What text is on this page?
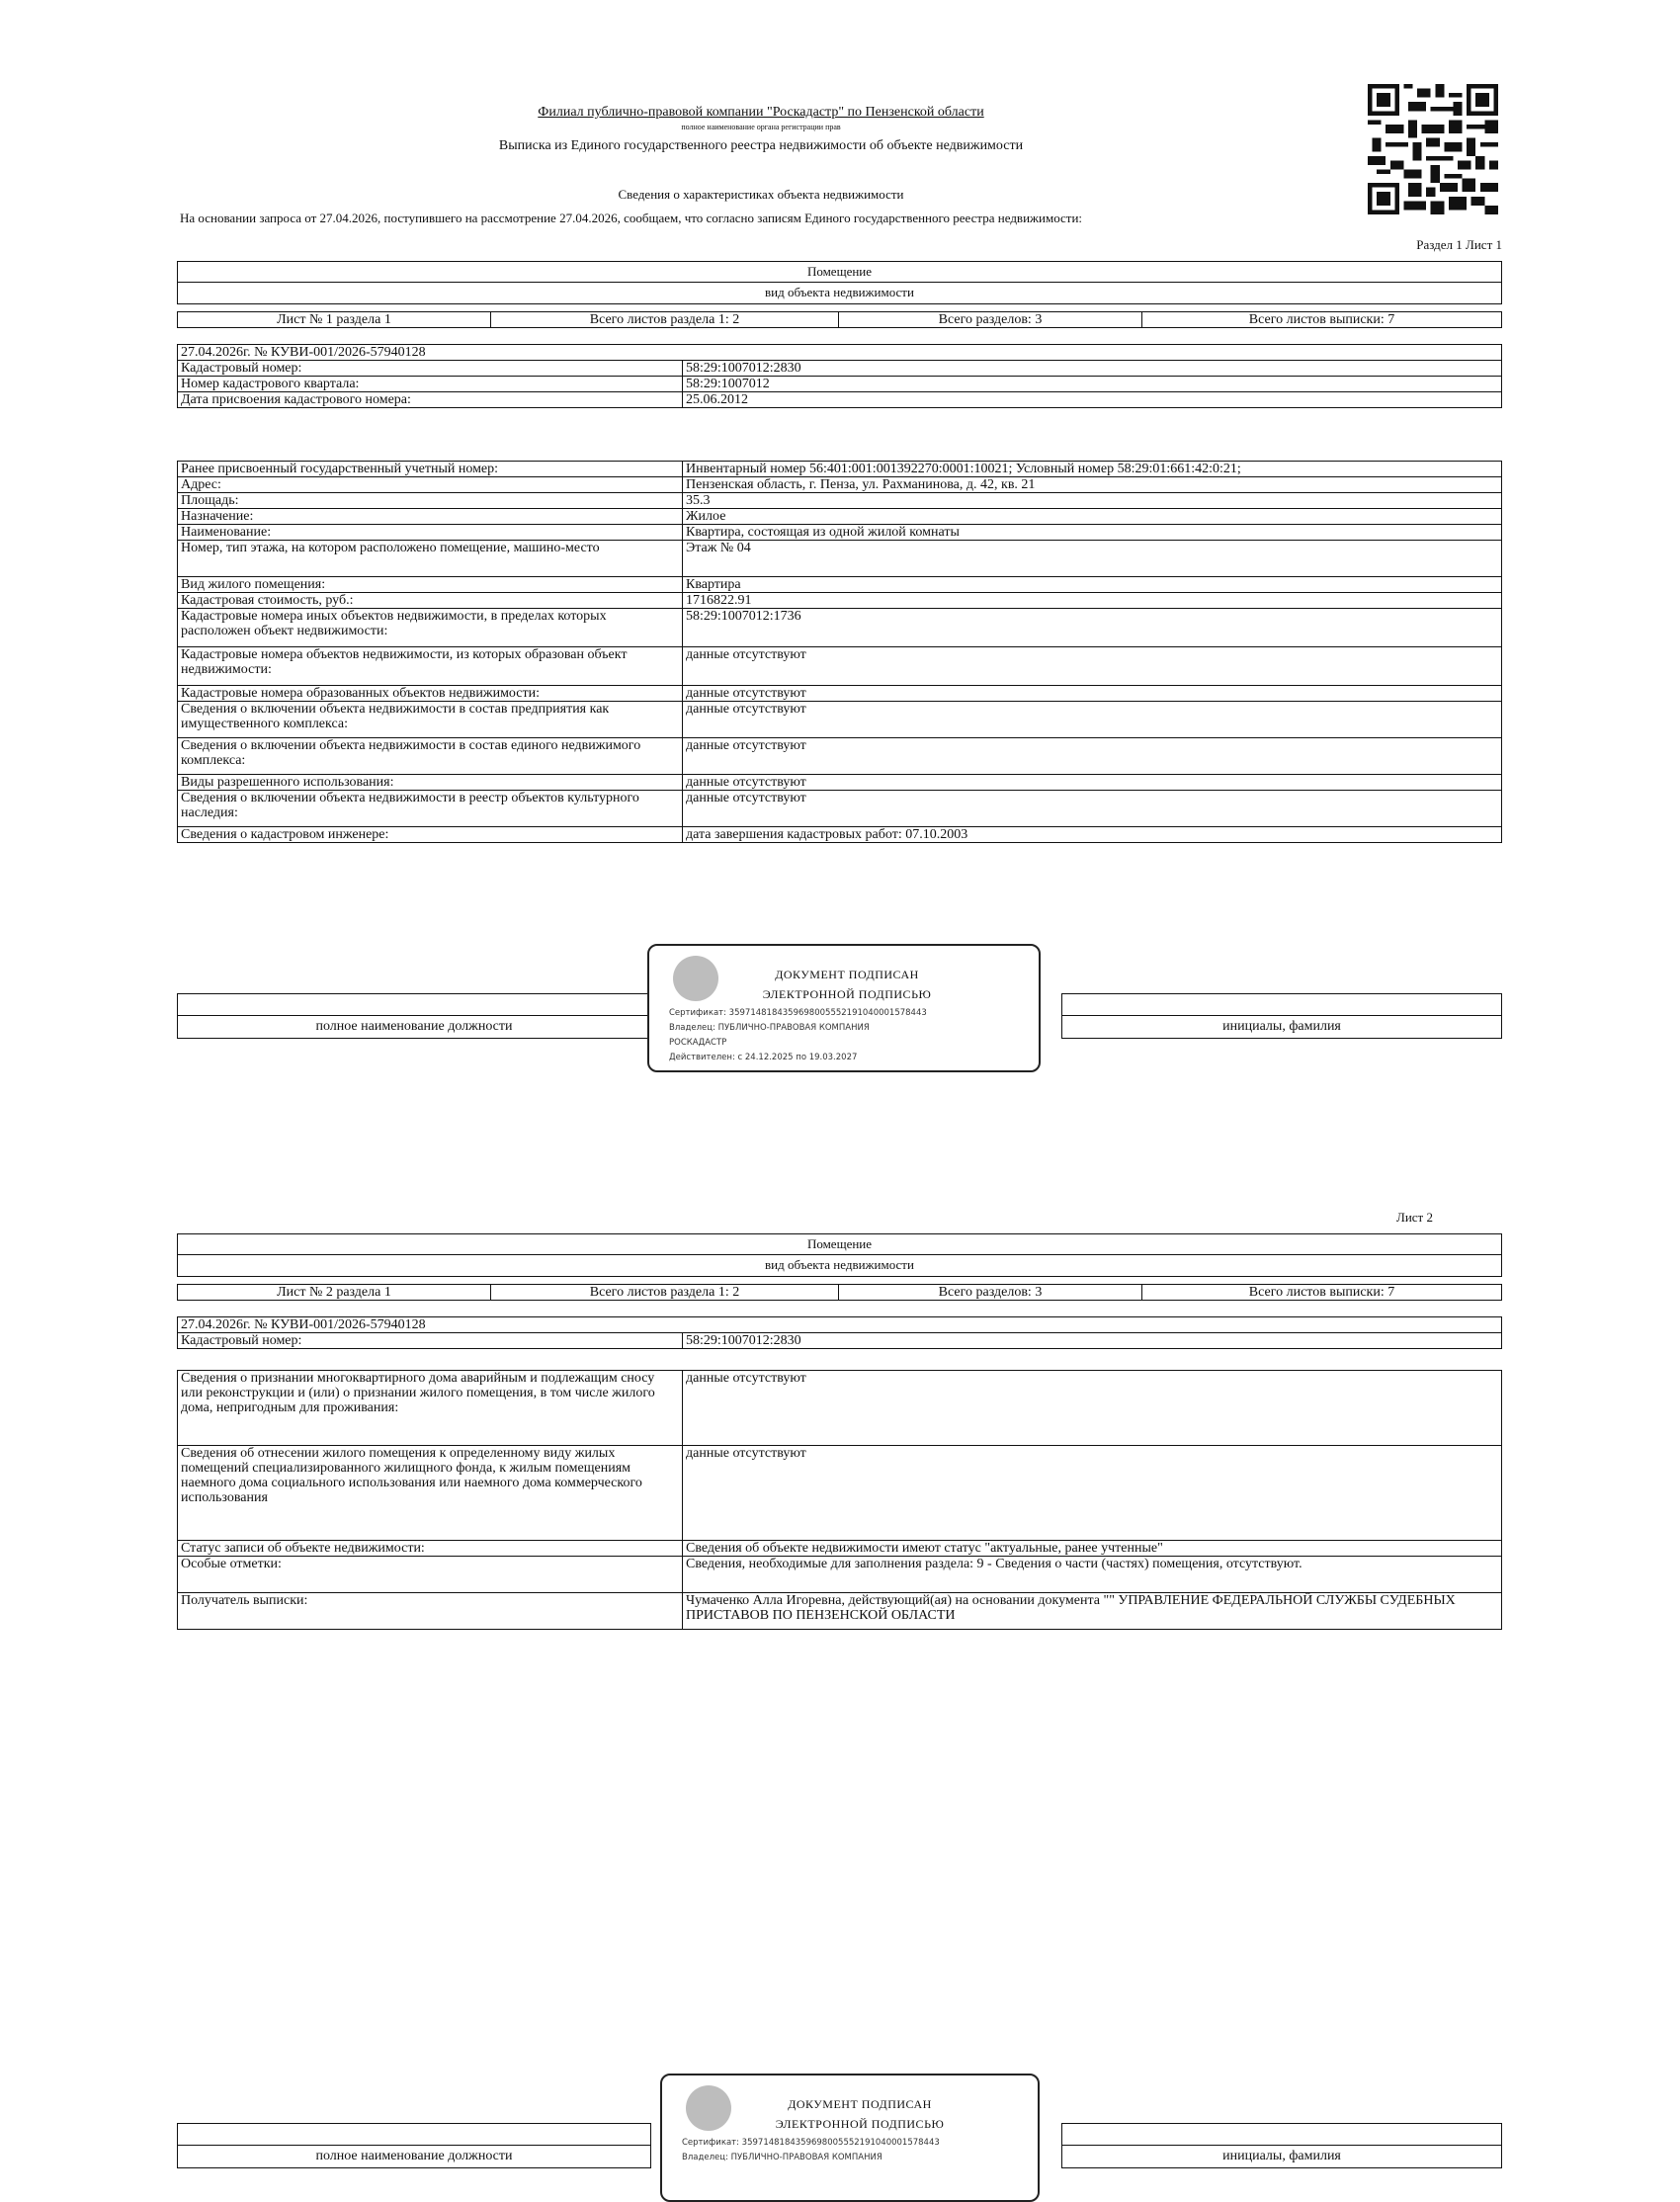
Филиал публично-правовой компании "Роскадастр" по Пензенской области
полное наименование органа регистрации прав
Выписка из Единого государственного реестра недвижимости об объекте недвижимости
Сведения о характеристиках объекта недвижимости
На основании запроса от 27.04.2026, поступившего на рассмотрение 27.04.2026, сообщаем, что согласно записям Единого государственного реестра недвижимости:
Раздел 1 Лист 1
Помещение
вид объекта недвижимости
Лист № 1 раздела 1	Всего листов раздела 1: 2	Всего разделов: 3	Всего листов выписки: 7
27.04.2026г. № КУВИ-001/2026-57940128	
Кадастровый номер:	58:29:1007012:2830
Номер кадастрового квартала:	58:29:1007012
Дата присвоения кадастрового номера:	25.06.2012
Ранее присвоенный государственный учетный номер:	Инвентарный номер 56:401:001:001392270:0001:10021; Условный номер 58:29:01:661:42:0:21;
Адрес:	Пензенская область, г. Пенза, ул. Рахманинова, д. 42, кв. 21
Площадь:	35.3
Назначение:	Жилое
Наименование:	Квартира, состоящая из одной жилой комнаты
Номер, тип этажа, на котором расположено помещение, машино-место	Этаж № 04
Вид жилого помещения:	Квартира
Кадастровая стоимость, руб.:	1716822.91
Кадастровые номера иных объектов недвижимости, в пределах которых расположен объект недвижимости:	58:29:1007012:1736
Кадастровые номера объектов недвижимости, из которых образован объект недвижимости:	данные отсутствуют
Кадастровые номера образованных объектов недвижимости:	данные отсутствуют
Сведения о включении объекта недвижимости в состав предприятия как имущественного комплекса:	данные отсутствуют
Сведения о включении объекта недвижимости в состав единого недвижимого комплекса:	данные отсутствуют
Виды разрешенного использования:	данные отсутствуют
Сведения о включении объекта недвижимости в реестр объектов культурного наследия:	данные отсутствуют
Сведения о кадастровом инженере:	дата завершения кадастровых работ: 07.10.2003
полное наименование должности	инициалы, фамилия
ДОКУМЕНТ ПОДПИСАН
ЭЛЕКТРОННОЙ ПОДПИСЬЮ
Сертификат: 3597148184359698005552191040001578443
Владелец: ПУБЛИЧНО-ПРАВОВАЯ КОМПАНИЯ
РОСКАДАСТР
Действителен: с 24.12.2025 по 19.03.2027
Лист 2
Помещение
вид объекта недвижимости
Лист № 2 раздела 1	Всего листов раздела 1: 2	Всего разделов: 3	Всего листов выписки: 7
27.04.2026г. № КУВИ-001/2026-57940128
Кадастровый номер:	58:29:1007012:2830
Сведения о признании многоквартирного дома аварийным и подлежащим сносу или реконструкции и (или) о признании жилого помещения, в том числе жилого дома, непригодным для проживания:	данные отсутствуют
Сведения об отнесении жилого помещения к определенному виду жилых помещений специализированного жилищного фонда, к жилым помещениям наемного дома социального использования или наемного дома коммерческого использования	данные отсутствуют
Статус записи об объекте недвижимости:	Сведения об объекте недвижимости имеют статус "актуальные, ранее учтенные"
Особые отметки:	Сведения, необходимые для заполнения раздела: 9 - Сведения о части (частях) помещения, отсутствуют.
Получатель выписки:	Чумаченко Алла Игоревна, действующий(ая) на основании документа "" УПРАВЛЕНИЕ ФЕДЕРАЛЬНОЙ СЛУЖБЫ СУДЕБНЫХ ПРИСТАВОВ ПО ПЕНЗЕНСКОЙ ОБЛАСТИ
полное наименование должности	инициалы, фамилия
ДОКУМЕНТ ПОДПИСАН
ЭЛЕКТРОННОЙ ПОДПИСЬЮ
Сертификат: 3597148184359698005552191040001578443
Владелец: ПУБЛИЧНО-ПРАВОВАЯ КОМПАНИЯ
